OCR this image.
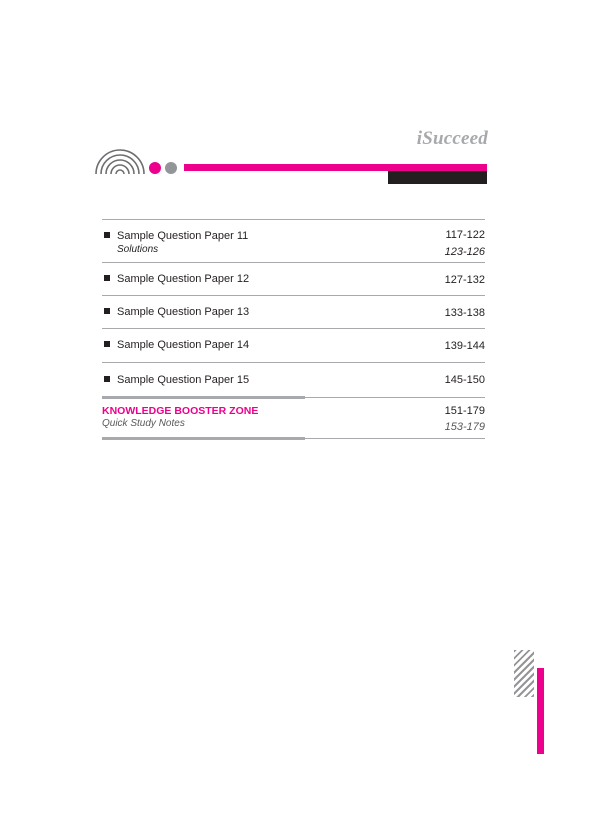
iSucceed
Sample Question Paper 11	117-122
Solutions	123-126
Sample Question Paper 12	127-132
Sample Question Paper 13	133-138
Sample Question Paper 14	139-144
Sample Question Paper 15	145-150
KNOWLEDGE BOOSTER ZONE	151-179
Quick Study Notes	153-179
